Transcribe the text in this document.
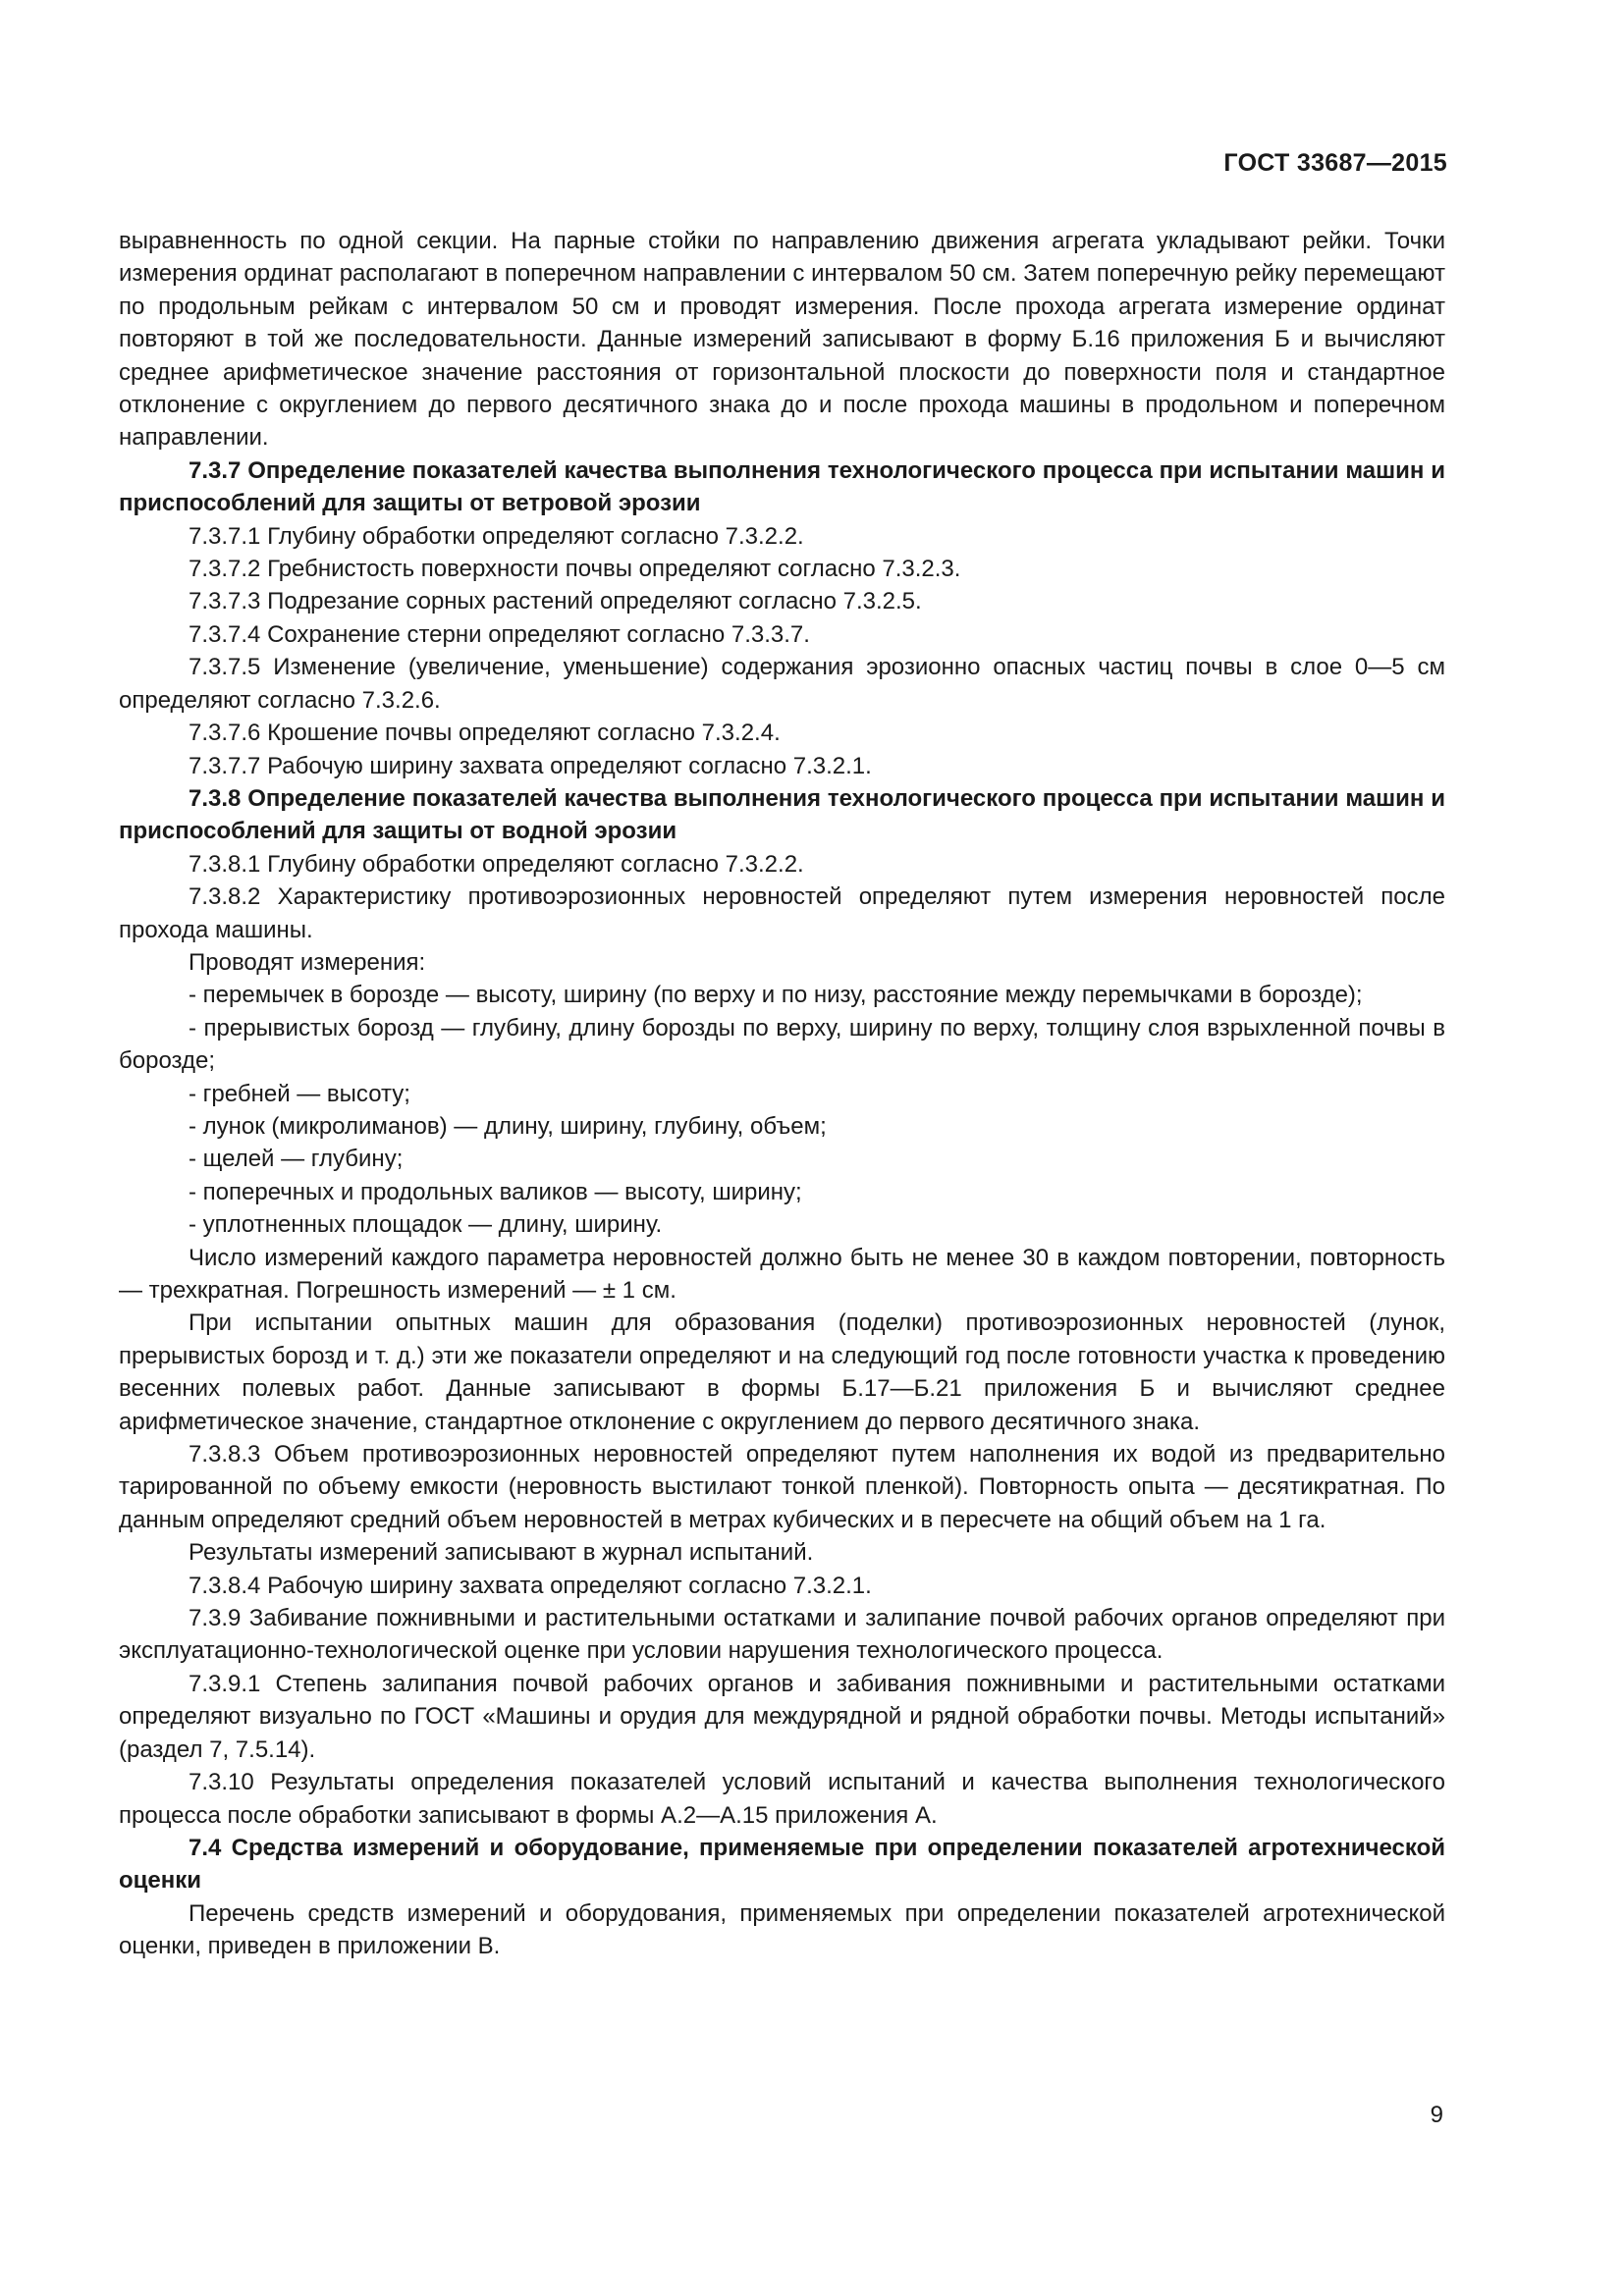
ГОСТ 33687—2015

выравненность по одной секции. На парные стойки по направлению движения агрегата укладывают рейки. Точки измерения ординат располагают в поперечном направлении с интервалом 50 см. Затем поперечную рейку перемещают по продольным рейкам с интервалом 50 см и проводят измерения. После прохода агрегата измерение ординат повторяют в той же последовательности. Данные измерений записывают в форму Б.16 приложения Б и вычисляют среднее арифметическое значение расстояния от горизонтальной плоскости до поверхности поля и стандартное отклонение с округлением до первого десятичного знака до и после прохода машины в продольном и поперечном направлении.

7.3.7 Определение показателей качества выполнения технологического процесса при испытании машин и приспособлений для защиты от ветровой эрозии

7.3.7.1 Глубину обработки определяют согласно 7.3.2.2.

7.3.7.2 Гребнистость поверхности почвы определяют согласно 7.3.2.3.

7.3.7.3 Подрезание сорных растений определяют согласно 7.3.2.5.

7.3.7.4 Сохранение стерни определяют согласно 7.3.3.7.

7.3.7.5 Изменение (увеличение, уменьшение) содержания эрозионно опасных частиц почвы в слое 0—5 см определяют согласно 7.3.2.6.

7.3.7.6 Крошение почвы определяют согласно 7.3.2.4.

7.3.7.7 Рабочую ширину захвата определяют согласно 7.3.2.1.

7.3.8 Определение показателей качества выполнения технологического процесса при испытании машин и приспособлений для защиты от водной эрозии

7.3.8.1 Глубину обработки определяют согласно 7.3.2.2.

7.3.8.2 Характеристику противоэрозионных неровностей определяют путем измерения неровностей после прохода машины.

Проводят измерения:

- перемычек в борозде — высоту, ширину (по верху и по низу, расстояние между перемычками в борозде);

- прерывистых борозд — глубину, длину борозды по верху, ширину по верху, толщину слоя взрыхленной почвы в борозде;

- гребней — высоту;

- лунок (микролиманов) — длину, ширину, глубину, объем;

- щелей — глубину;

- поперечных и продольных валиков — высоту, ширину;

- уплотненных площадок — длину, ширину.

Число измерений каждого параметра неровностей должно быть не менее 30 в каждом повторении, повторность — трехкратная. Погрешность измерений — ± 1 см.

При испытании опытных машин для образования (поделки) противоэрозионных неровностей (лунок, прерывистых борозд и т. д.) эти же показатели определяют и на следующий год после готовности участка к проведению весенних полевых работ. Данные записывают в формы Б.17—Б.21 приложения Б и вычисляют среднее арифметическое значение, стандартное отклонение с округлением до первого десятичного знака.

7.3.8.3 Объем противоэрозионных неровностей определяют путем наполнения их водой из предварительно тарированной по объему емкости (неровность выстилают тонкой пленкой). Повторность опыта — десятикратная. По данным определяют средний объем неровностей в метрах кубических и в пересчете на общий объем на 1 га.

Результаты измерений записывают в журнал испытаний.

7.3.8.4 Рабочую ширину захвата определяют согласно 7.3.2.1.

7.3.9 Забивание пожнивными и растительными остатками и залипание почвой рабочих органов определяют при эксплуатационно-технологической оценке при условии нарушения технологического процесса.

7.3.9.1 Степень залипания почвой рабочих органов и забивания пожнивными и растительными остатками определяют визуально по ГОСТ «Машины и орудия для междурядной и рядной обработки почвы. Методы испытаний» (раздел 7, 7.5.14).

7.3.10 Результаты определения показателей условий испытаний и качества выполнения технологического процесса после обработки записывают в формы А.2—А.15 приложения А.

7.4 Средства измерений и оборудование, применяемые при определении показателей агротехнической оценки

Перечень средств измерений и оборудования, применяемых при определении показателей агротехнической оценки, приведен в приложении В.

9
